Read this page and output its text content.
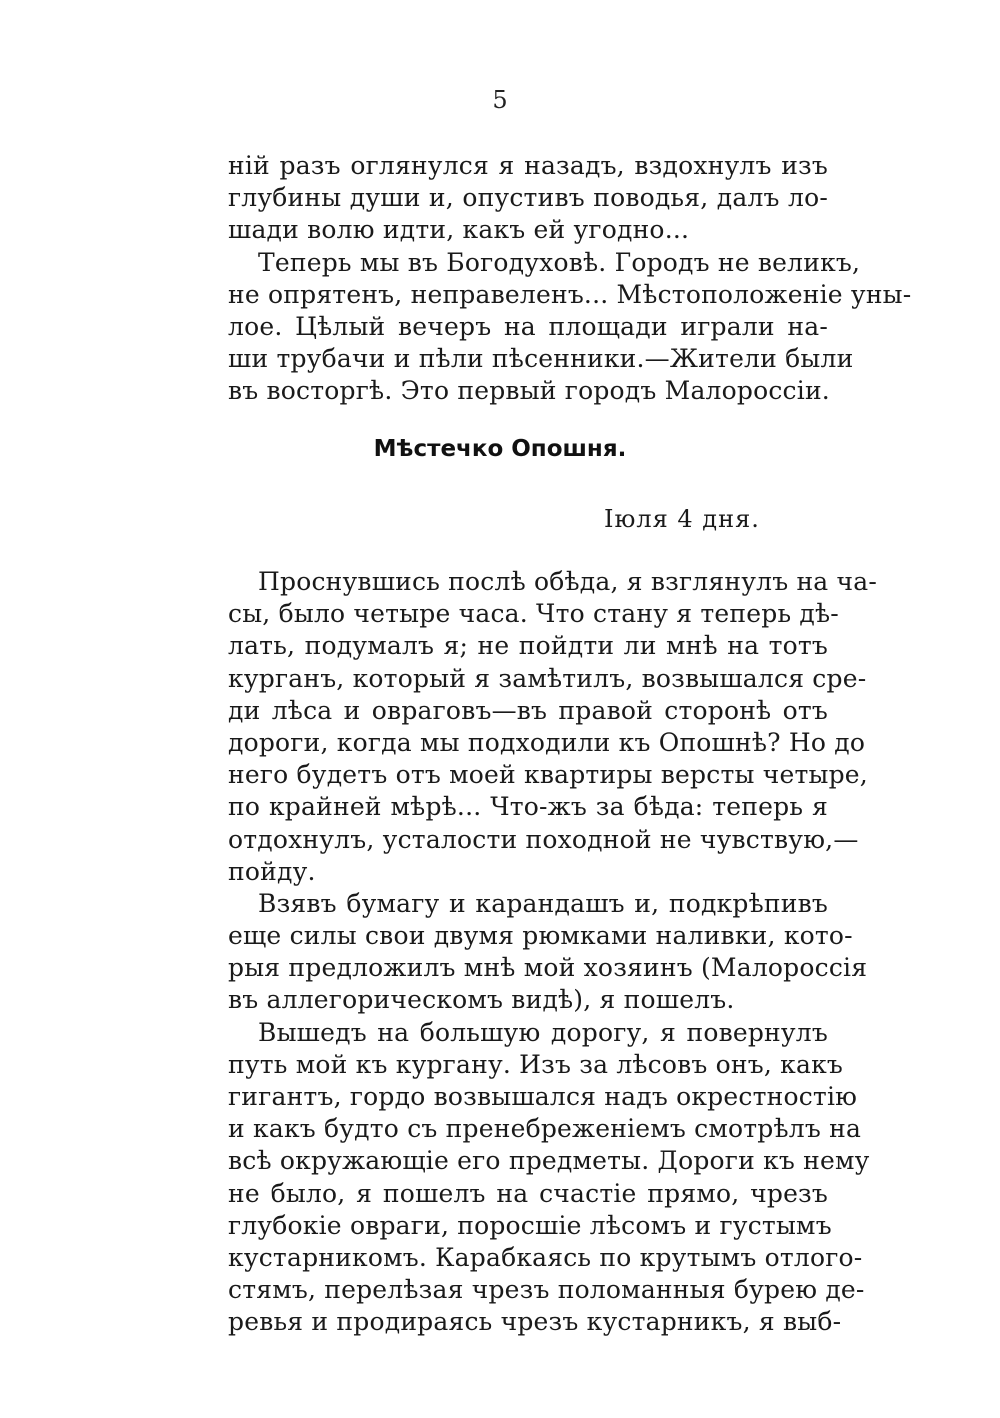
5
ній разъ оглянулся я назадъ, вздохнулъ изъ
глубины души и, опустивъ поводья, далъ ло-
шади волю идти, какъ ей угодно...
Теперь мы въ Богодуховѣ. Городъ не великъ,
не опрятенъ, неправеленъ... Мѣстоположеніе уны-
лое. Цѣлый вечеръ на площади играли на-
ши трубачи и пѣли пѣсенники.—Жители были
въ восторгѣ. Это первый городъ Малороссіи.
Мѣстечко Опошня.
Іюля 4 дня.
Проснувшись послѣ обѣда, я взглянулъ на ча-
сы, было четыре часа. Что стану я теперь дѣ-
лать, подумалъ я; не пойдти ли мнѣ на тотъ
курганъ, который я замѣтилъ, возвышался сре-
ди лѣса и овраговъ—въ правой сторонѣ отъ
дороги, когда мы подходили къ Опошнѣ? Но до
него будетъ отъ моей квартиры версты четыре,
по крайней мѣрѣ... Что-жъ за бѣда: теперь я
отдохнулъ, усталости походной не чувствую,—
пойду.
Взявъ бумагу и карандашъ и, подкрѣпивъ
еще силы свои двумя рюмками наливки, кото-
рыя предложилъ мнѣ мой хозяинъ (Малороссія
въ аллегорическомъ видѣ), я пошелъ.
Вышедъ на большую дорогу, я повернулъ
путь мой къ кургану. Изъ за лѣсовъ онъ, какъ
гигантъ, гордо возвышался надъ окрестностію
и какъ будто съ пренебреженіемъ смотрѣлъ на
всѣ окружающіе его предметы. Дороги къ нему
не было, я пошелъ на счастіе прямо, чрезъ
глубокіе овраги, поросшіе лѣсомъ и густымъ
кустарникомъ. Карабкаясь по крутымъ отлого-
стямъ, перелѣзая чрезъ поломанныя бурею де-
ревья и продираясь чрезъ кустарникъ, я выб-
